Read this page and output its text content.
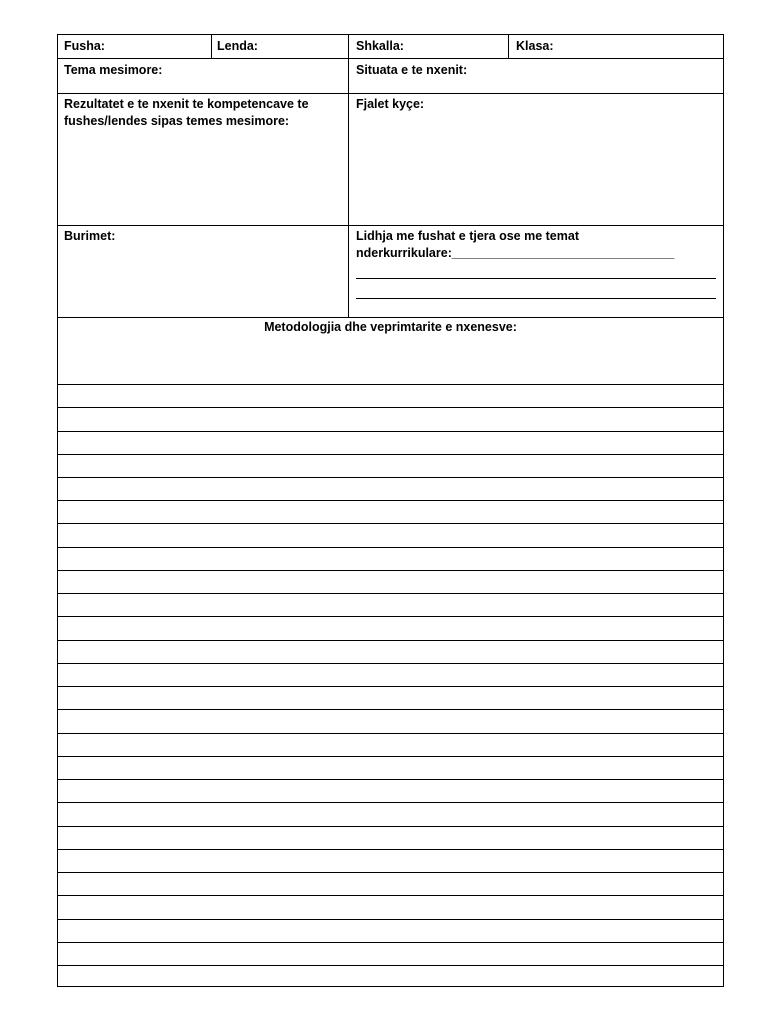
Fusha:	Lenda:	Shkalla:	Klasa:
Tema mesimore:	Situata e te nxenit:
Rezultatet e te nxenit te kompetencave te
fushes/lendes sipas temes mesimore:
Fjalet kyçe:
Burimet:	Lidhja me fushat e tjera ose me temat
nderkurrikulare:________________________________
Metodologjia dhe veprimtarite e nxenesve:
